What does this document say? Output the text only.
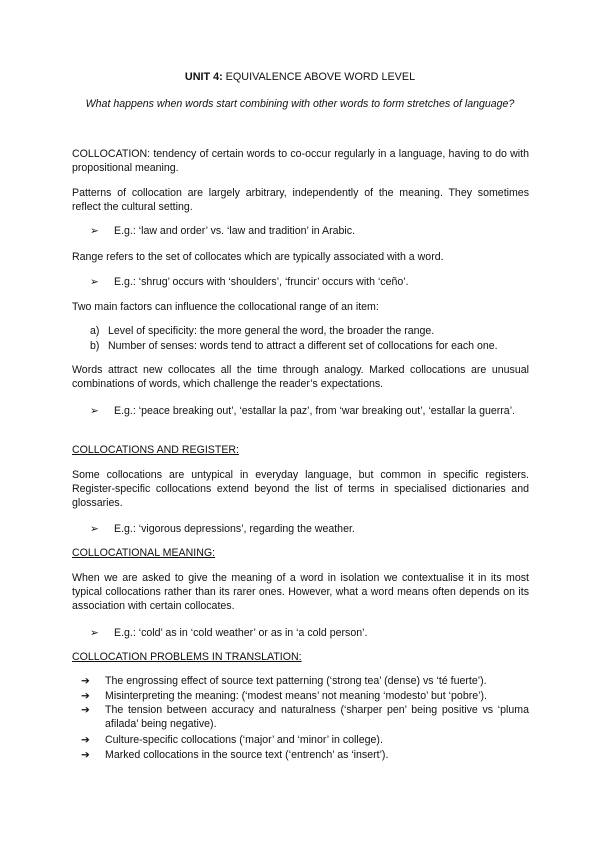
UNIT 4: EQUIVALENCE ABOVE WORD LEVEL

What happens when words start combining with other words to form stretches of language?

COLLOCATION: tendency of certain words to co-occur regularly in a language, having to do with propositional meaning.

Patterns of collocation are largely arbitrary, independently of the meaning. They sometimes reflect the cultural setting.

➢	E.g.: ‘law and order’ vs. ‘law and tradition’ in Arabic.

Range refers to the set of collocates which are typically associated with a word.

➢	E.g.: ‘shrug’ occurs with ‘shoulders’, ‘fruncir’ occurs with ‘ceño’.

Two main factors can influence the collocational range of an item:

a) Level of specificity: the more general the word, the broader the range.
b) Number of senses: words tend to attract a different set of collocations for each one.

Words attract new collocates all the time through analogy. Marked collocations are unusual combinations of words, which challenge the reader’s expectations.

➢	E.g.: ‘peace breaking out’, ‘estallar la paz’, from ‘war breaking out’, ‘estallar la guerra’.

COLLOCATIONS AND REGISTER:

Some collocations are untypical in everyday language, but common in specific registers. Register-specific collocations extend beyond the list of terms in specialised dictionaries and glossaries.

➢	E.g.: ‘vigorous depressions’, regarding the weather.

COLLOCATIONAL MEANING:

When we are asked to give the meaning of a word in isolation we contextualise it in its most typical collocations rather than its rarer ones. However, what a word means often depends on its association with certain collocates.

➢	E.g.: ‘cold’ as in ‘cold weather’ or as in ‘a cold person’.

COLLOCATION PROBLEMS IN TRANSLATION:

➔	The engrossing effect of source text patterning (‘strong tea’ (dense) vs ‘té fuerte’).
➔	Misinterpreting the meaning: (‘modest means’ not meaning ‘modesto’ but ‘pobre’).
➔	The tension between accuracy and naturalness (‘sharper pen’ being positive vs ‘pluma afilada’ being negative).
➔	Culture-specific collocations (‘major’ and ‘minor’ in college).
➔	Marked collocations in the source text (‘entrench’ as ‘insert’).
